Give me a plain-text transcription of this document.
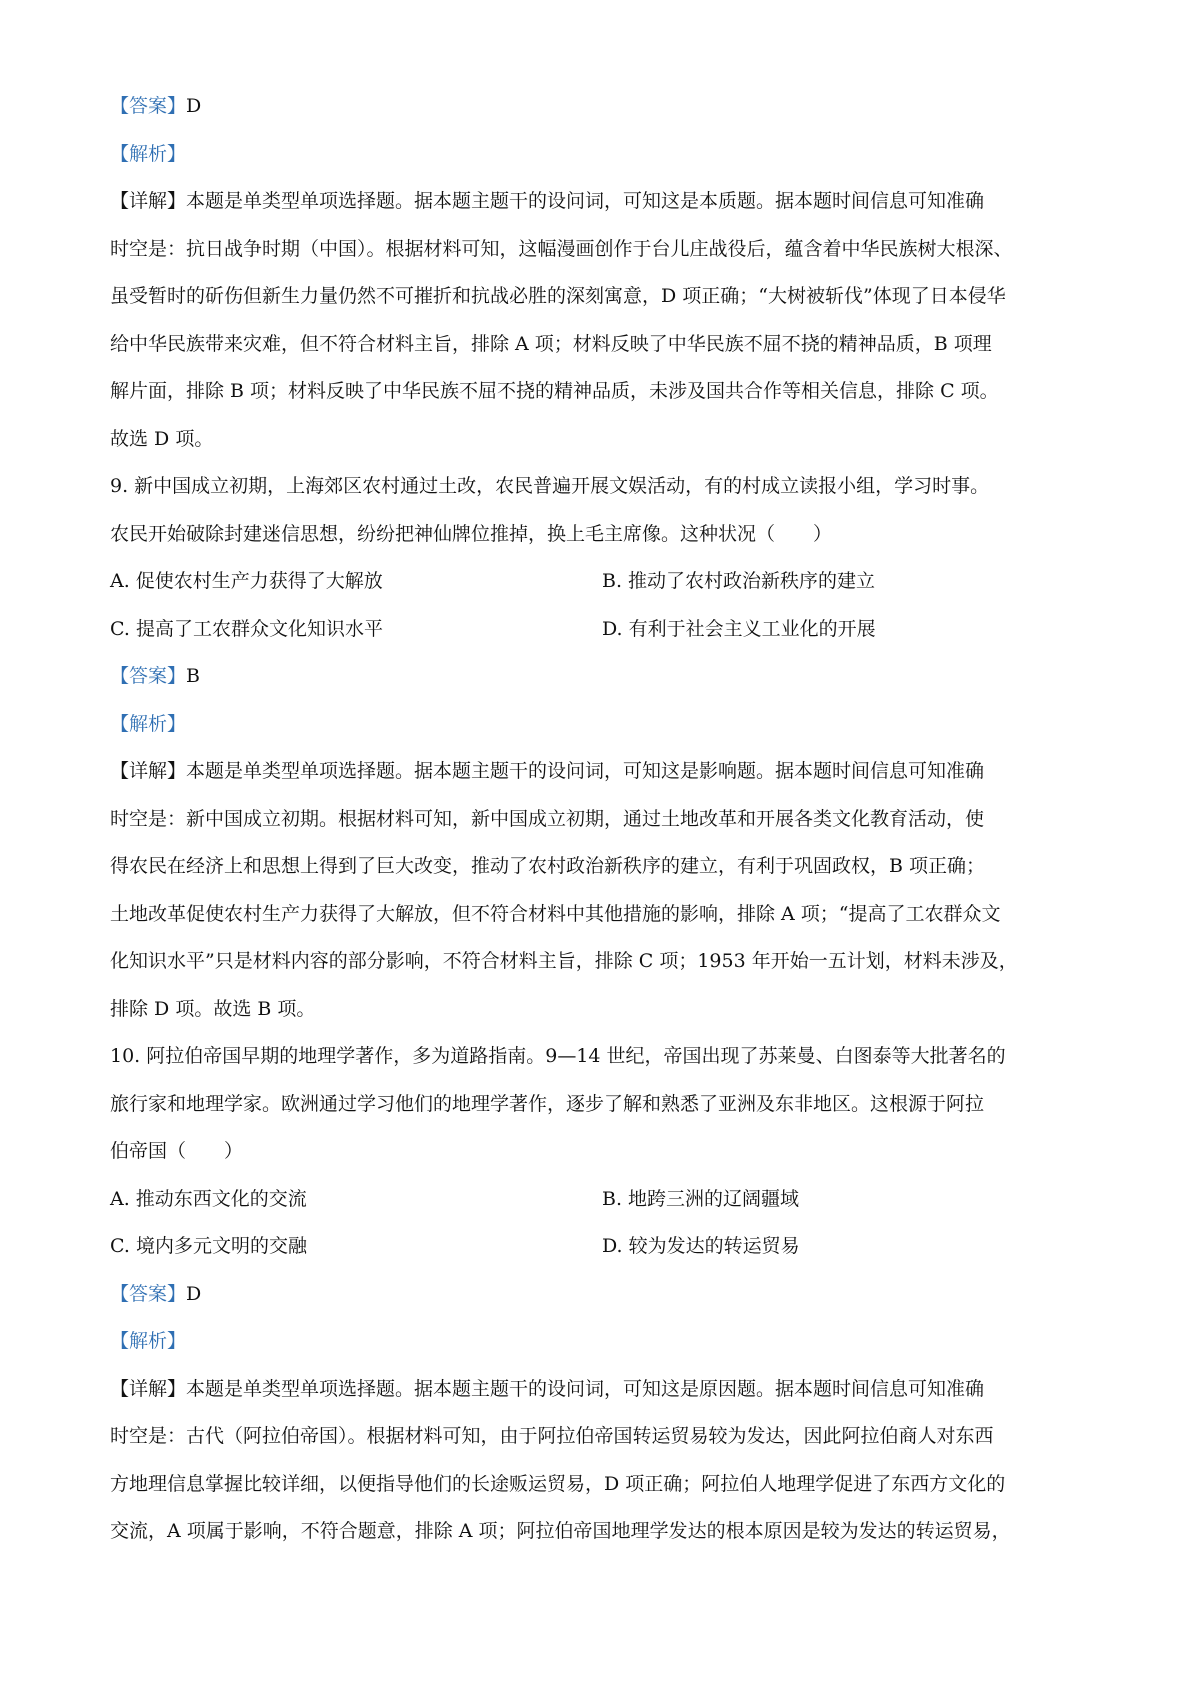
【答案】D
【解析】
【详解】本题是单类型单项选择题。据本题主题干的设问词，可知这是本质题。据本题时间信息可知准确
时空是：抗日战争时期（中国）。根据材料可知，这幅漫画创作于台儿庄战役后，蕴含着中华民族树大根深、
虽受暂时的斫伤但新生力量仍然不可摧折和抗战必胜的深刻寓意，D 项正确；“大树被斩伐”体现了日本侵华
给中华民族带来灾难，但不符合材料主旨，排除 A 项；材料反映了中华民族不屈不挠的精神品质，B 项理
解片面，排除 B 项；材料反映了中华民族不屈不挠的精神品质，未涉及国共合作等相关信息，排除 C 项。
故选 D 项。
9. 新中国成立初期，上海郊区农村通过土改，农民普遍开展文娱活动，有的村成立读报小组，学习时事。
农民开始破除封建迷信思想，纷纷把神仙牌位推掉，换上毛主席像。这种状况（　　）
A. 促使农村生产力获得了大解放	B. 推动了农村政治新秩序的建立
C. 提高了工农群众文化知识水平	D. 有利于社会主义工业化的开展
【答案】B
【解析】
【详解】本题是单类型单项选择题。据本题主题干的设问词，可知这是影响题。据本题时间信息可知准确
时空是：新中国成立初期。根据材料可知，新中国成立初期，通过土地改革和开展各类文化教育活动，使
得农民在经济上和思想上得到了巨大改变，推动了农村政治新秩序的建立，有利于巩固政权，B 项正确；
土地改革促使农村生产力获得了大解放，但不符合材料中其他措施的影响，排除 A 项；“提高了工农群众文
化知识水平”只是材料内容的部分影响，不符合材料主旨，排除 C 项；1953 年开始一五计划，材料未涉及，
排除 D 项。故选 B 项。
10. 阿拉伯帝国早期的地理学著作，多为道路指南。9—14 世纪，帝国出现了苏莱曼、白图泰等大批著名的
旅行家和地理学家。欧洲通过学习他们的地理学著作，逐步了解和熟悉了亚洲及东非地区。这根源于阿拉
伯帝国（　　）
A. 推动东西文化的交流	B. 地跨三洲的辽阔疆域
C. 境内多元文明的交融	D. 较为发达的转运贸易
【答案】D
【解析】
【详解】本题是单类型单项选择题。据本题主题干的设问词，可知这是原因题。据本题时间信息可知准确
时空是：古代（阿拉伯帝国）。根据材料可知，由于阿拉伯帝国转运贸易较为发达，因此阿拉伯商人对东西
方地理信息掌握比较详细，以便指导他们的长途贩运贸易，D 项正确；阿拉伯人地理学促进了东西方文化的
交流，A 项属于影响，不符合题意，排除 A 项；阿拉伯帝国地理学发达的根本原因是较为发达的转运贸易，
